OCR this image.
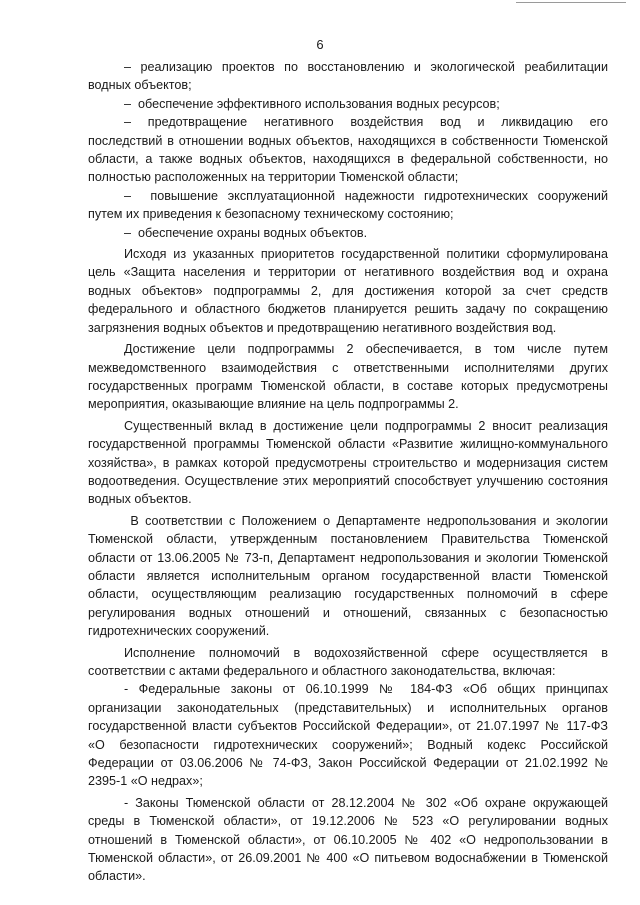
6

–  реализацию  проектов  по  восстановлению  и  экологической  реабилитации водных объектов;

–  обеспечение эффективного использования водных ресурсов;

–  предотвращение  негативного  воздействия  вод  и  ликвидацию  его последствий в отношении водных объектов, находящихся в собственности Тюменской области, а также водных объектов, находящихся в федеральной собственности, но полностью расположенных на территории Тюменской области;

–  повышение эксплуатационной надежности гидротехнических сооружений путем их приведения к безопасному техническому состоянию;

–  обеспечение охраны водных объектов.

Исходя из указанных приоритетов государственной политики сформулирована цель «Защита населения и территории от негативного воздействия вод и охрана водных объектов» подпрограммы 2, для достижения которой за счет средств федерального и областного бюджетов планируется решить задачу по сокращению загрязнения водных объектов и предотвращению негативного воздействия вод.

Достижение цели подпрограммы 2 обеспечивается, в том числе путем межведомственного взаимодействия с ответственными исполнителями других государственных программ Тюменской области, в составе которых предусмотрены мероприятия, оказывающие влияние на цель подпрограммы 2.

Существенный вклад в достижение цели подпрограммы 2 вносит реализация государственной программы Тюменской области «Развитие жилищно-коммунального хозяйства», в рамках которой предусмотрены строительство и модернизация систем водоотведения. Осуществление этих мероприятий способствует улучшению состояния водных объектов.

В соответствии с Положением о Департаменте недропользования и экологии Тюменской области, утвержденным постановлением Правительства Тюменской области от 13.06.2005 № 73-п, Департамент недропользования и экологии Тюменской области является исполнительным органом государственной власти Тюменской области, осуществляющим реализацию государственных полномочий в сфере регулирования водных отношений и отношений, связанных с безопасностью гидротехнических сооружений.

Исполнение полномочий в водохозяйственной сфере осуществляется в соответствии с актами федерального и областного законодательства, включая:

- Федеральные законы от 06.10.1999 № 184-ФЗ «Об общих принципах организации законодательных (представительных) и исполнительных органов государственной власти субъектов Российской Федерации», от 21.07.1997 № 117-ФЗ «О безопасности гидротехнических сооружений»; Водный кодекс Российской Федерации от 03.06.2006 № 74-ФЗ, Закон Российской Федерации от 21.02.1992 № 2395-1 «О недрах»;

- Законы Тюменской области от 28.12.2004 № 302 «Об охране окружающей среды в Тюменской области», от 19.12.2006 № 523 «О регулировании водных отношений в Тюменской области», от 06.10.2005 № 402 «О недропользовании в Тюменской области», от 26.09.2001 № 400 «О питьевом водоснабжении в Тюменской области».
